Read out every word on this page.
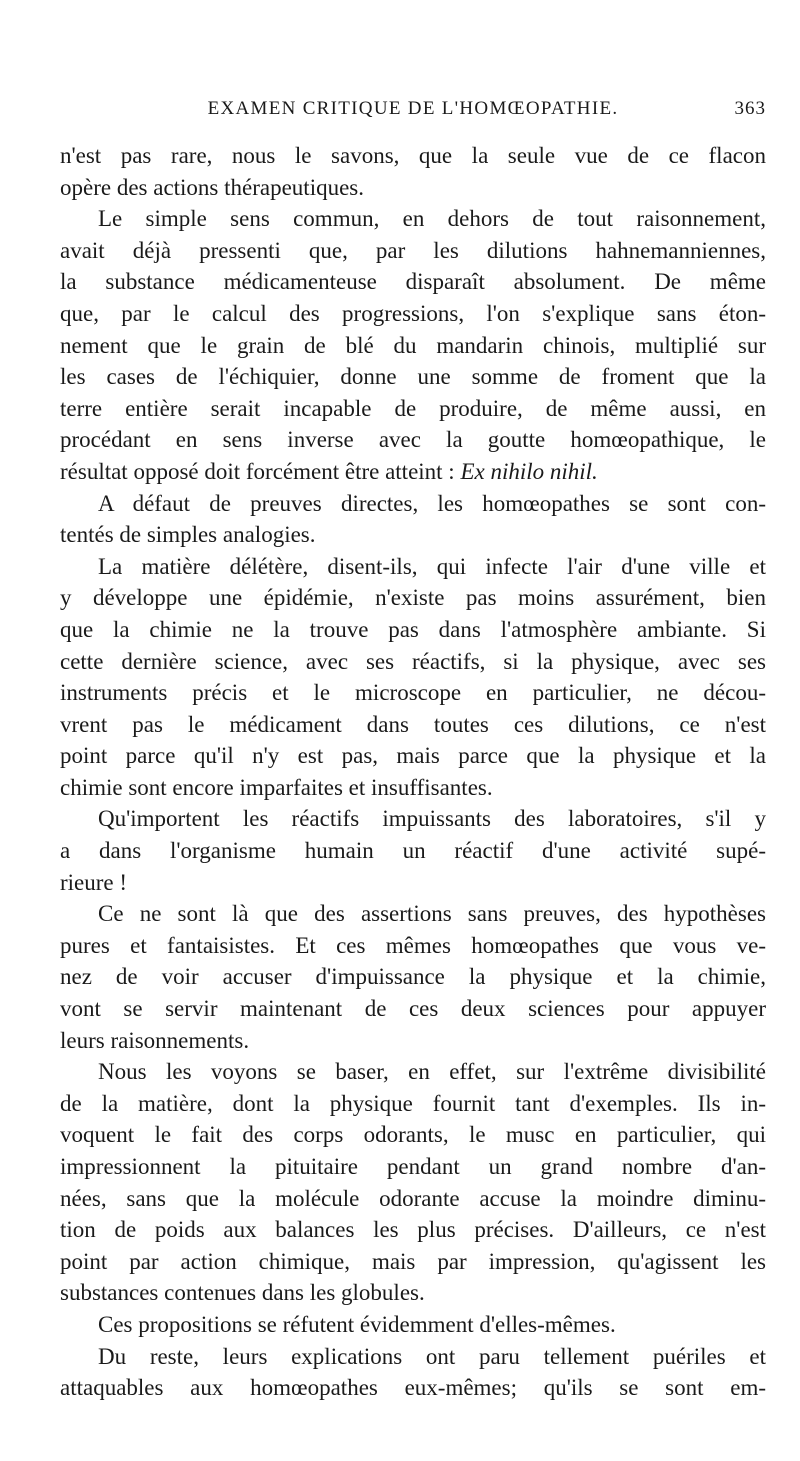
EXAMEN CRITIQUE DE L'HOMŒOPATHIE.	363

n'est pas rare, nous le savons, que la seule vue de ce flacon
opère des actions thérapeutiques.

Le simple sens commun, en dehors de tout raisonnement,
avait déjà pressenti que, par les dilutions hahnemanniennes,
la substance médicamenteuse disparaît absolument. De même
que, par le calcul des progressions, l'on s'explique sans éton-
nement que le grain de blé du mandarin chinois, multiplié sur
les cases de l'échiquier, donne une somme de froment que la
terre entière serait incapable de produire, de même aussi, en
procédant en sens inverse avec la goutte homœopathique, le
résultat opposé doit forcément être atteint : Ex nihilo nihil.

A défaut de preuves directes, les homœopathes se sont con-
tentés de simples analogies.

La matière délétère, disent-ils, qui infecte l'air d'une ville et
y développe une épidémie, n'existe pas moins assurément, bien
que la chimie ne la trouve pas dans l'atmosphère ambiante. Si
cette dernière science, avec ses réactifs, si la physique, avec ses
instruments précis et le microscope en particulier, ne décou-
vrent pas le médicament dans toutes ces dilutions, ce n'est
point parce qu'il n'y est pas, mais parce que la physique et la
chimie sont encore imparfaites et insuffisantes.

Qu'importent les réactifs impuissants des laboratoires, s'il y
a dans l'organisme humain un réactif d'une activité supé-
rieure !

Ce ne sont là que des assertions sans preuves, des hypothèses
pures et fantaisistes. Et ces mêmes homœopathes que vous ve-
nez de voir accuser d'impuissance la physique et la chimie,
vont se servir maintenant de ces deux sciences pour appuyer
leurs raisonnements.

Nous les voyons se baser, en effet, sur l'extrême divisibilité
de la matière, dont la physique fournit tant d'exemples. Ils in-
voquent le fait des corps odorants, le musc en particulier, qui
impressionnent la pituitaire pendant un grand nombre d'an-
nées, sans que la molécule odorante accuse la moindre diminu-
tion de poids aux balances les plus précises. D'ailleurs, ce n'est
point par action chimique, mais par impression, qu'agissent les
substances contenues dans les globules.

Ces propositions se réfutent évidemment d'elles-mêmes.

Du reste, leurs explications ont paru tellement puériles et
attaquables aux homœopathes eux-mêmes; qu'ils se sont em-
